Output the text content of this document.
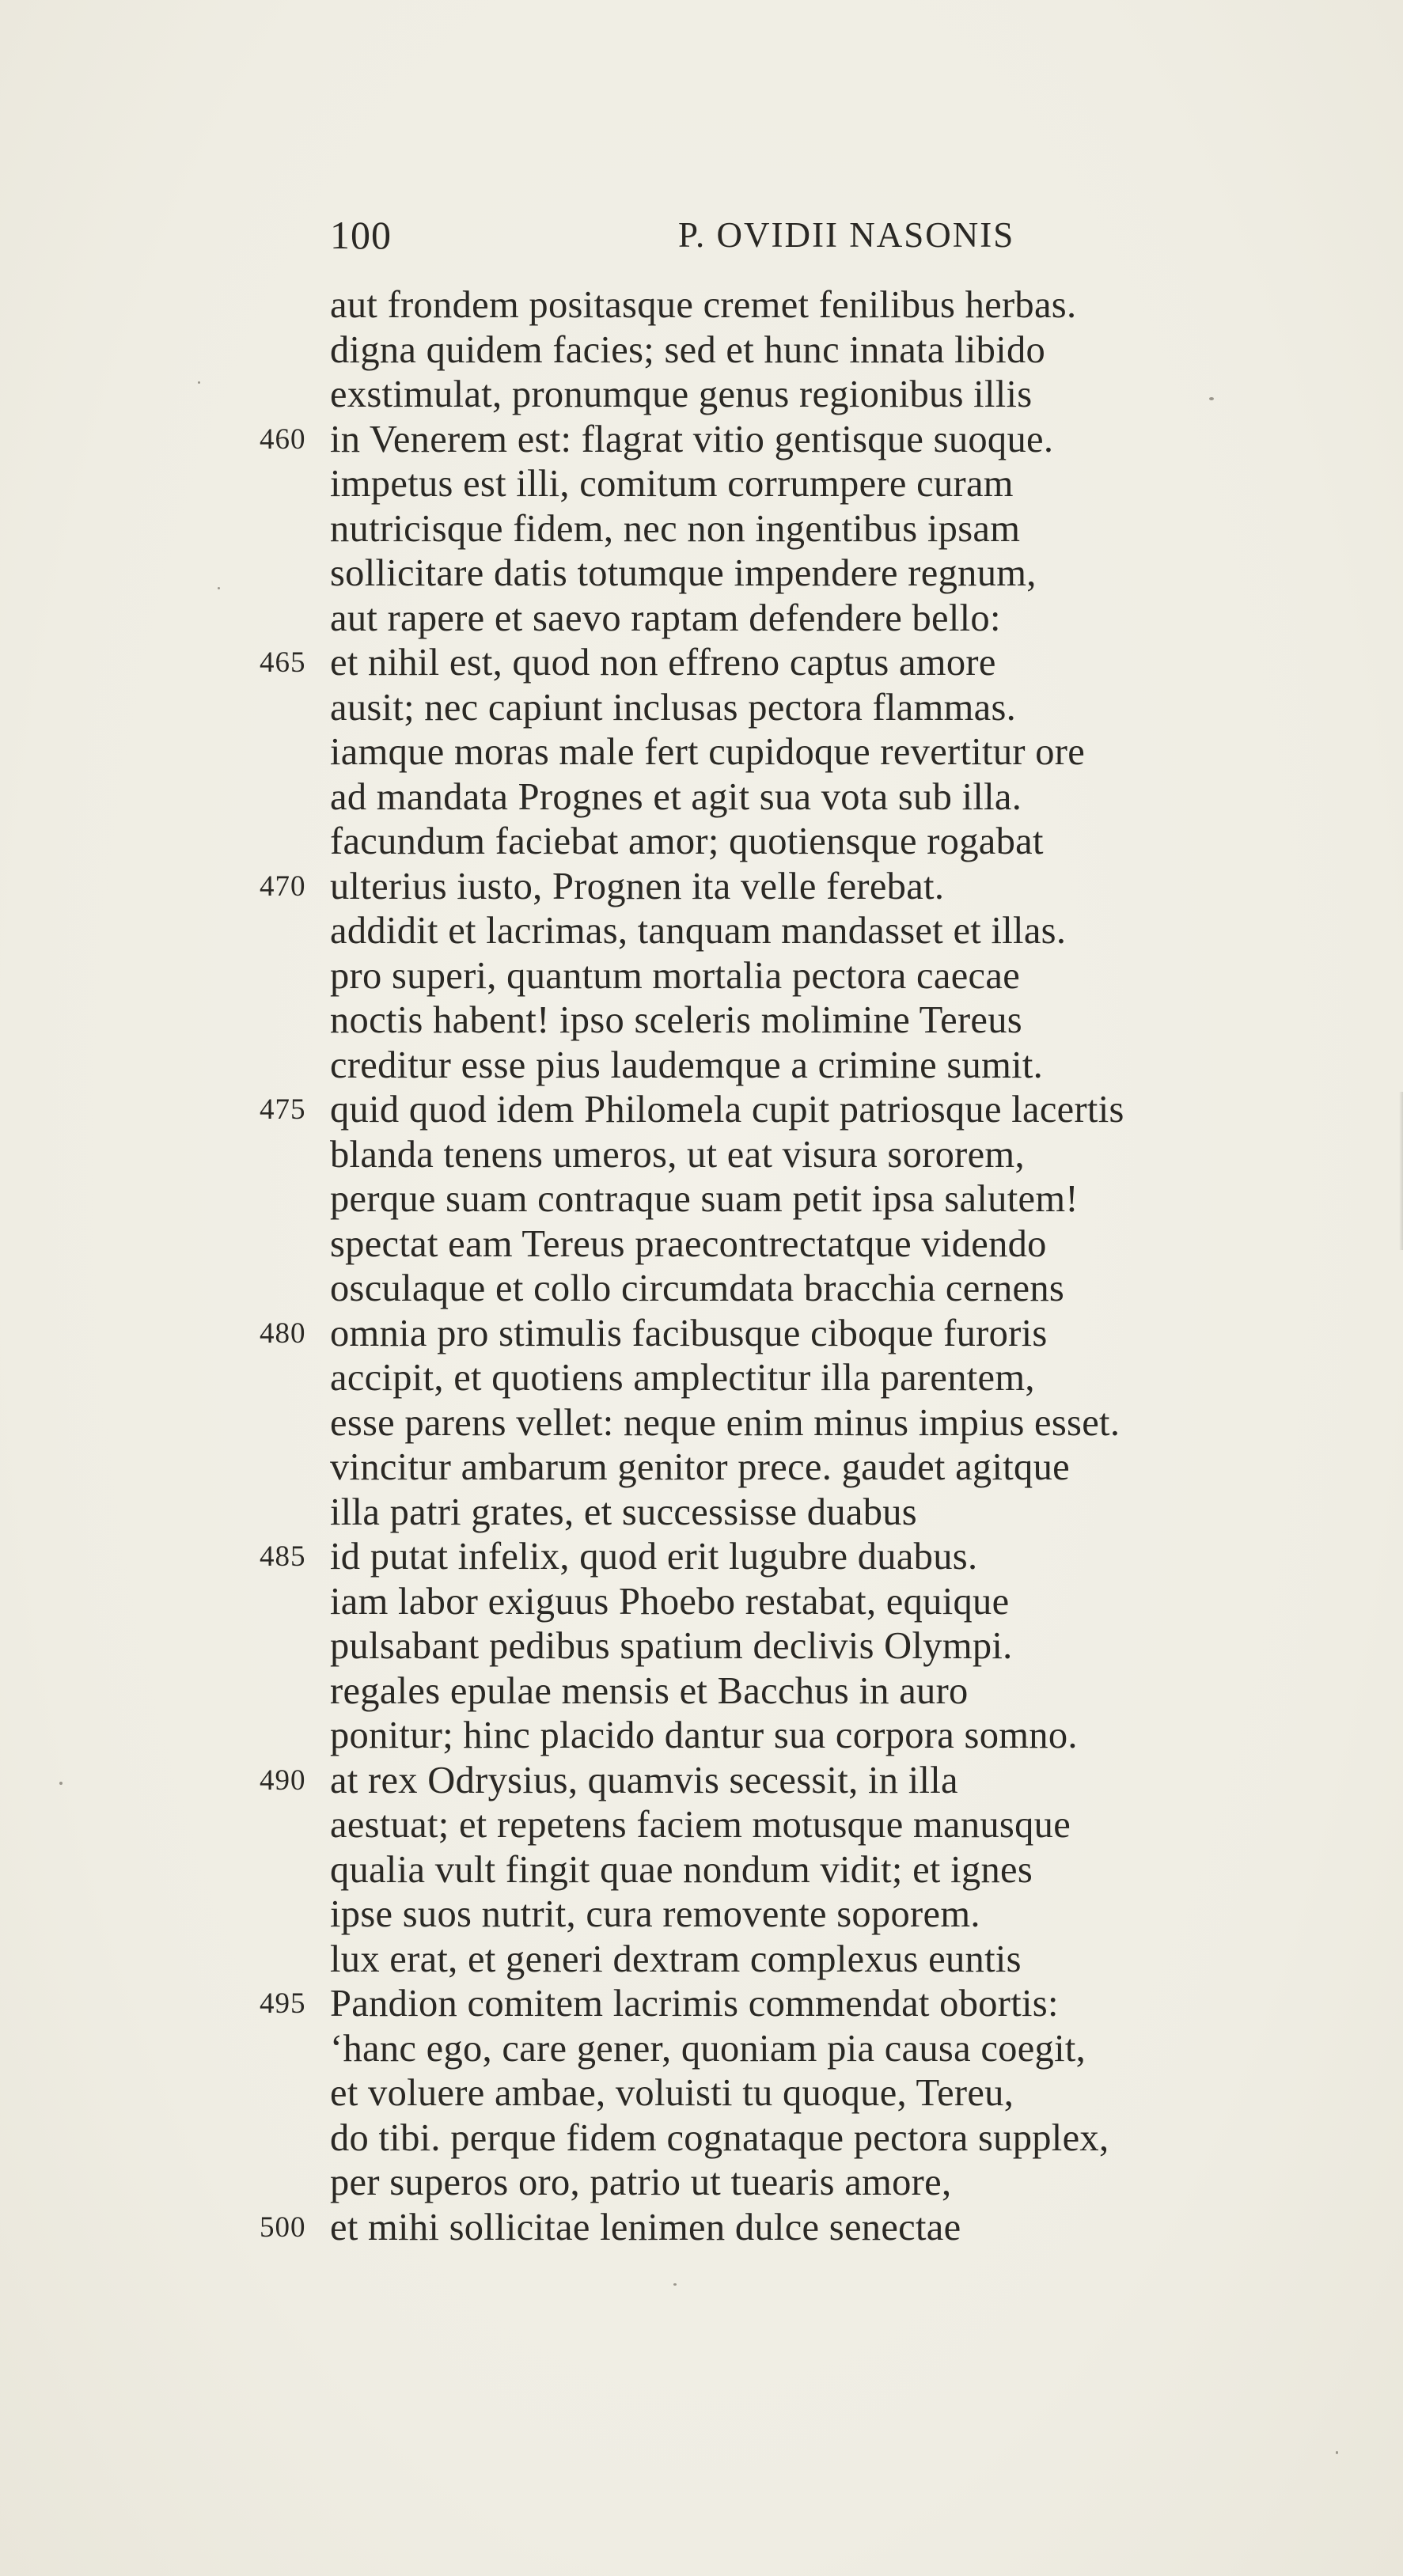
100	P. OVIDII NASONIS
aut frondem positasque cremet fenilibus herbas.
digna quidem facies; sed et hunc innata libido
exstimulat, pronumque genus regionibus illis
460 in Venerem est: flagrat vitio gentisque suoque.
impetus est illi, comitum corrumpere curam
nutricisque fidem, nec non ingentibus ipsam
sollicitare datis totumque impendere regnum,
aut rapere et saevo raptam defendere bello:
465 et nihil est, quod non effreno captus amore
ausit; nec capiunt inclusas pectora flammas.
iamque moras male fert cupidoque revertitur ore
ad mandata Prognes et agit sua vota sub illa.
facundum faciebat amor; quotiensque rogabat
470 ulterius iusto, Prognen ita velle ferebat.
addidit et lacrimas, tanquam mandasset et illas.
pro superi, quantum mortalia pectora caecae
noctis habent! ipso sceleris molimine Tereus
creditur esse pius laudemque a crimine sumit.
475 quid quod idem Philomela cupit patriosque lacertis
blanda tenens umeros, ut eat visura sororem,
perque suam contraque suam petit ipsa salutem!
spectat eam Tereus praecontrectatque videndo
osculaque et collo circumdata bracchia cernens
480 omnia pro stimulis facibusque ciboque furoris
accipit, et quotiens amplectitur illa parentem,
esse parens vellet: neque enim minus impius esset.
vincitur ambarum genitor prece. gaudet agitque
illa patri grates, et successisse duabus
485 id putat infelix, quod erit lugubre duabus.
iam labor exiguus Phoebo restabat, equique
pulsabant pedibus spatium declivis Olympi.
regales epulae mensis et Bacchus in auro
ponitur; hinc placido dantur sua corpora somno.
490 at rex Odrysius, quamvis secessit, in illa
aestuat; et repetens faciem motusque manusque
qualia vult fingit quae nondum vidit; et ignes
ipse suos nutrit, cura removente soporem.
lux erat, et generi dextram complexus euntis
495 Pandion comitem lacrimis commendat obortis:
‘hanc ego, care gener, quoniam pia causa coegit,
et voluere ambae, voluisti tu quoque, Tereu,
do tibi. perque fidem cognataque pectora supplex,
per superos oro, patrio ut tuearis amore,
500 et mihi sollicitae lenimen dulce senectae
